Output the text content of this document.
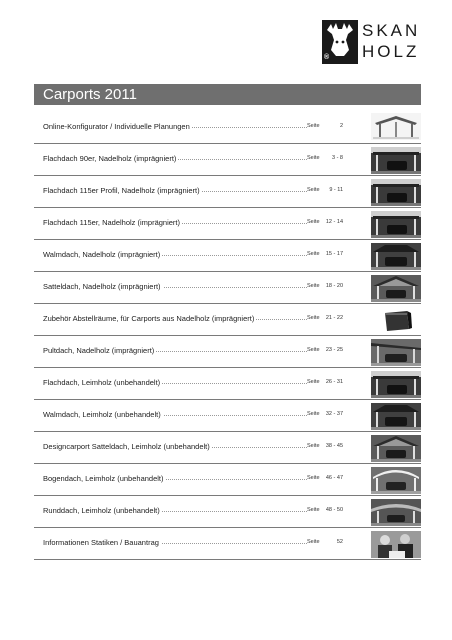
®
SKAN
HOLZ
Carports 2011
Online-Konfigurator / Individuelle Planungen	Seite	2
Flachdach 90er, Nadelholz (imprägniert)	Seite	3 - 8
Flachdach 115er Profil, Nadelholz (imprägniert)	Seite	9 - 11
Flachdach 115er, Nadelholz (imprägniert)	Seite	12 - 14
Walmdach, Nadelholz (imprägniert)	Seite	15 - 17
Satteldach, Nadelholz (imprägniert)	Seite	18 - 20
Zubehör Abstellräume, für Carports aus Nadelholz (imprägniert)	Seite	21 - 22
Pultdach, Nadelholz (imprägniert)	Seite	23 - 25
Flachdach, Leimholz (unbehandelt)	Seite	26 - 31
Walmdach, Leimholz (unbehandelt)	Seite	32 - 37
Designcarport Satteldach, Leimholz (unbehandelt)	Seite	38 - 45
Bogendach, Leimholz (unbehandelt)	Seite	46 - 47
Runddach, Leimholz (unbehandelt)	Seite	48 - 50
Informationen Statiken / Bauantrag	Seite	52
